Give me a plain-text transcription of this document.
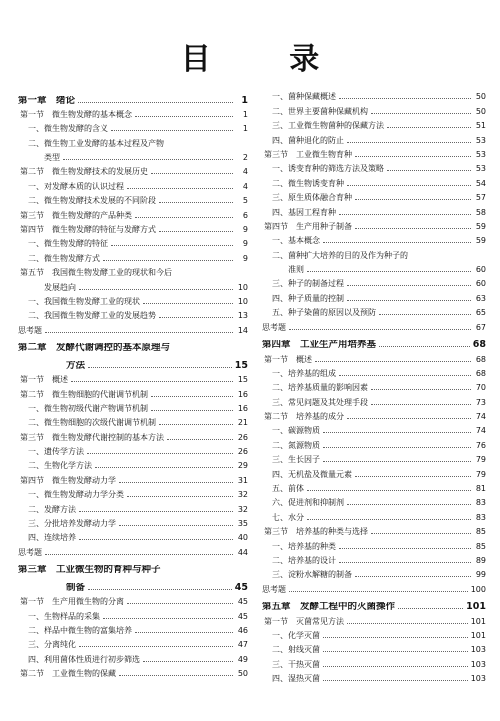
目 录
第一章　绪论	1
第一节　微生物发酵的基本概念	1
一、微生物发酵的含义	1
二、微生物工业发酵的基本过程及产物
类型	2
第二节　微生物发酵技术的发展历史	4
一、对发酵本质的认识过程	4
二、微生物发酵技术发展的不同阶段	5
第三节　微生物发酵的产品种类	6
第四节　微生物发酵的特征与发酵方式	9
一、微生物发酵的特征	9
二、微生物发酵方式	9
第五节　我国微生物发酵工业的现状和今后
发展趋向	10
一、我国微生物发酵工业的现状	10
二、我国微生物发酵工业的发展趋势	13
思考题	14
第二章　发酵代谢调控的基本原理与
方法	15
第一节　概述	15
第二节　微生物细胞的代谢调节机制	16
一、微生物初级代谢产物调节机制	16
二、微生物细胞的次级代谢调节机制	21
第三节　微生物发酵代谢控制的基本方法	26
一、遗传学方法	26
二、生物化学方法	29
第四节　微生物发酵动力学	31
一、微生物发酵动力学分类	32
二、发酵方法	32
三、分批培养发酵动力学	35
四、连续培养	40
思考题	44
第三章　工业微生物的育种与种子
制备	45
第一节　生产用微生物的分离	45
一、生物样品的采集	45
二、样品中微生物的富集培养	46
三、分离纯化	47
四、利用菌体性质进行初步筛选	49
第二节　工业微生物的保藏	50
一、菌种保藏概述	50
二、世界主要菌种保藏机构	50
三、工业微生物菌种的保藏方法	51
四、菌种退化的防止	53
第三节　工业微生物育种	53
一、诱变育种的筛选方法及策略	53
二、微生物诱变育种	54
三、原生质体融合育种	57
四、基因工程育种	58
第四节　生产用种子制备	59
一、基本概念	59
二、菌种扩大培养的目的及作为种子的
准则	60
三、种子的制备过程	60
四、种子质量的控制	63
五、种子染菌的原因以及预防	65
思考题	67
第四章　工业生产用培养基	68
第一节　概述	68
一、培养基的组成	68
二、培养基质量的影响因素	70
三、常见问题及其处理手段	73
第二节　培养基的成分	74
一、碳源物质	74
二、氮源物质	76
三、生长因子	79
四、无机盐及微量元素	79
五、前体	81
六、促进剂和抑制剂	83
七、水分	83
第三节　培养基的种类与选择	85
一、培养基的种类	85
二、培养基的设计	89
三、淀粉水解糖的制备	99
思考题	100
第五章　发酵工程中的灭菌操作	101
第一节　灭菌常见方法	101
一、化学灭菌	101
二、射线灭菌	103
三、干热灭菌	103
四、湿热灭菌	103
